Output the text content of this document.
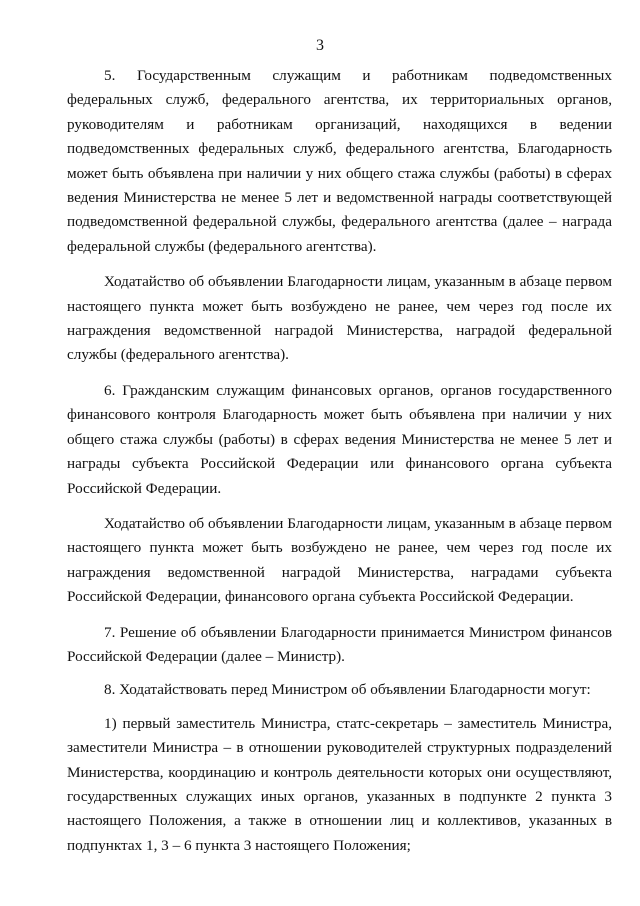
3

5. Государственным служащим и работникам подведомственных федеральных служб, федерального агентства, их территориальных органов, руководителям и работникам организаций, находящихся в ведении подведомственных федеральных служб, федерального агентства, Благодарность может быть объявлена при наличии у них общего стажа службы (работы) в сферах ведения Министерства не менее 5 лет и ведомственной награды соответствующей подведомственной федеральной службы, федерального агентства (далее – награда федеральной службы (федерального агентства).

Ходатайство об объявлении Благодарности лицам, указанным в абзаце первом настоящего пункта может быть возбуждено не ранее, чем через год после их награждения ведомственной наградой Министерства, наградой федеральной службы (федерального агентства).

6. Гражданским служащим финансовых органов, органов государственного финансового контроля Благодарность может быть объявлена при наличии у них общего стажа службы (работы) в сферах ведения Министерства не менее 5 лет и награды субъекта Российской Федерации или финансового органа субъекта Российской Федерации.

Ходатайство об объявлении Благодарности лицам, указанным в абзаце первом настоящего пункта может быть возбуждено не ранее, чем через год после их награждения ведомственной наградой Министерства, наградами субъекта Российской Федерации, финансового органа субъекта Российской Федерации.

7. Решение об объявлении Благодарности принимается Министром финансов Российской Федерации (далее – Министр).

8. Ходатайствовать перед Министром об объявлении Благодарности могут:

1) первый заместитель Министра, статс-секретарь – заместитель Министра, заместители Министра – в отношении руководителей структурных подразделений Министерства, координацию и контроль деятельности которых они осуществляют, государственных служащих иных органов, указанных в подпункте 2 пункта 3 настоящего Положения, а также в отношении лиц и коллективов, указанных в подпунктах 1, 3 – 6 пункта 3 настоящего Положения;
